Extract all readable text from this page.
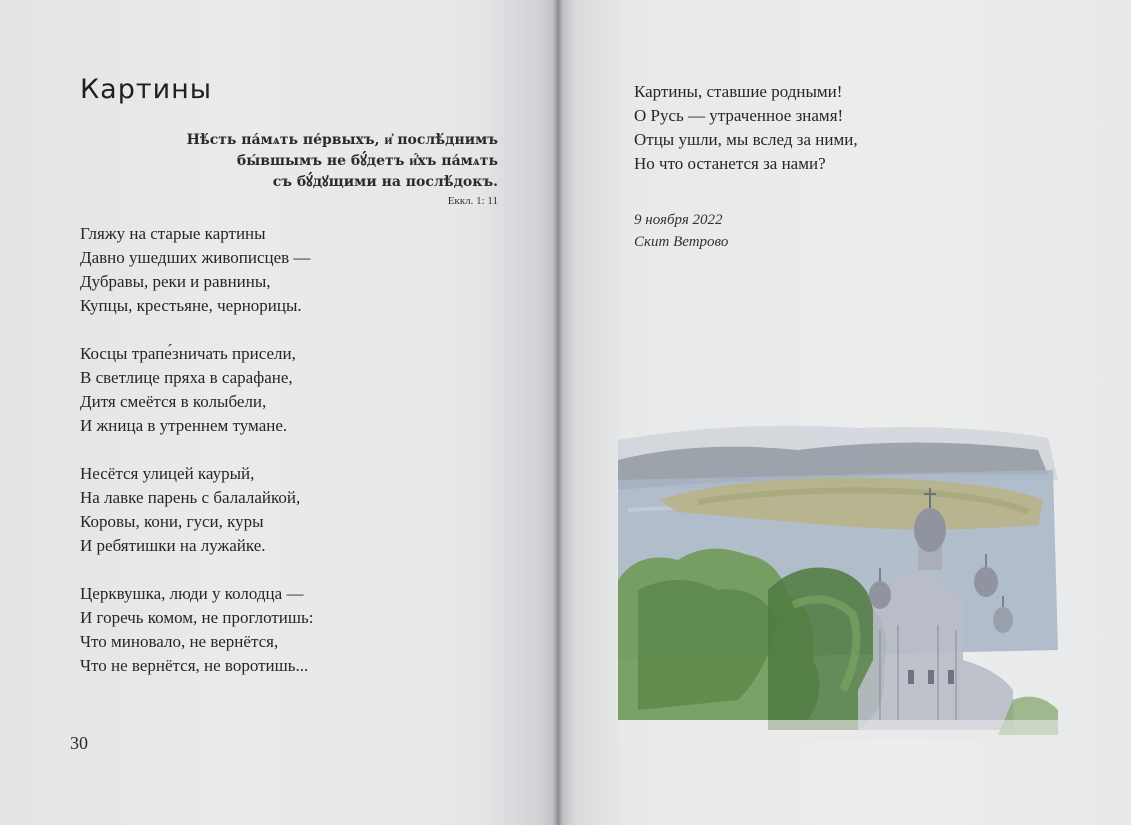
Картины
Нѣ́сть па́мѧть пе́рвыхъ, и҆ послѣ́днимъ
бы́вшымъ не бꙋ́детъ и҆́хъ па́мѧть
съ бꙋ́дꙋщими на послѣ́докъ.
Еккл. 1: 11
Гляжу на старые картины
Давно ушедших живописцев —
Дубравы, реки и равнины,
Купцы, крестьяне, чернорицы.
Косцы трапе́зничать присели,
В светлице пряха в сарафане,
Дитя смеётся в колыбели,
И жница в утреннем тумане.
Несётся улицей каурый,
На лавке парень с балалайкой,
Коровы, кони, гуси, куры
И ребятишки на лужайке.
Церквушка, люди у колодца —
И горечь комом, не проглотишь:
Что миновало, не вернётся,
Что не вернётся, не воротишь...
30
Картины, ставшие родными!
О Русь — утраченное знамя!
Отцы ушли, мы вслед за ними,
Но что останется за нами?
9 ноября 2022
Скит Ветрово
